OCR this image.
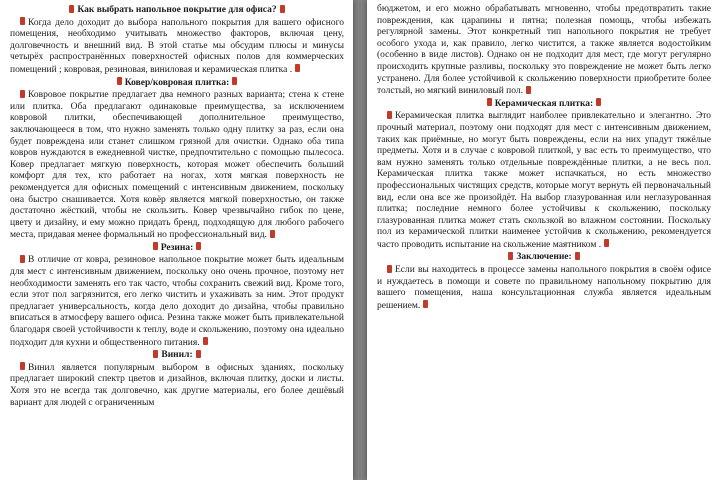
Как выбрать напольное покрытие для офиса?
Когда дело доходит до выбора напольного покрытия для вашего офисного помещения, необходимо учитывать множество факторов, включая цену, долговечность и внешний вид. В этой статье мы обсудим плюсы и минусы четырёх распространённых поверхностей офисных полов для коммерческих помещений ; ковровая, резиновая, виниловая и керамическая плитка .
Ковер/ковровая плитка:
Ковровое покрытие предлагает два немного разных варианта; стена к стене или плитка. Оба предлагают одинаковые преимущества, за исключением ковровой плитки, обеспечивающей дополнительное преимущество, заключающееся в том, что нужно заменять только одну плитку за раз, если она будет повреждена или станет слишком грязной для очистки. Однако оба типа ковров нуждаются в ежедневной чистке, предпочтительно с помощью пылесоса. Ковер предлагает мягкую поверхность, которая может обеспечить больший комфорт для тех, кто работает на ногах, хотя мягкая поверхность не рекомендуется для офисных помещений с интенсивным движением, поскольку она быстро снашивается. Хотя ковёр является мягкой поверхностью, он также достаточно жёсткий, чтобы не скользить. Ковер чрезвычайно гибок по цене, цвету и дизайну, и ему можно придать бренд, подходящую для любого рабочего места, придавая менее формальный но профессиональный вид.
Резина:
В отличие от ковра, резиновое напольное покрытие может быть идеальным для мест с интенсивным движением, поскольку оно очень прочное, поэтому нет необходимости заменять его так часто, чтобы сохранить свежий вид. Кроме того, если этот пол загрязнится, его легко чистить и ухаживать за ним. Этот продукт предлагает универсальность, когда дело доходит до дизайна, чтобы правильно вписаться в атмосферу вашего офиса. Резина также может быть привлекательной благодаря своей устойчивости к теплу, воде и скольжению, поэтому она идеально подходит для кухни и общественного питания.
Винил:
Винил является популярным выбором в офисных зданиях, поскольку предлагает широкий спектр цветов и дизайнов, включая плитку, доски и листы. Хотя это не всегда так долговечно, как другие материалы, его более дешёвый вариант для людей с ограниченным
бюджетом, и его можно обрабатывать мгновенно, чтобы предотвратить такие повреждения, как царапины и пятна; полезная помощь, чтобы избежать регулярной замены. Этот конкретный тип напольного покрытия не требует особого ухода и, как правило, легко чистится, а также является водостойким (особенно в виде листов). Однако он не подходит для мест, где могут регулярно происходить крупные разливы, поскольку это повреждение не может быть легко устранено. Для более устойчивой к скольжению поверхности приобретите более толстый, но мягкий виниловый пол.
Керамическая плитка:
Керамическая плитка выглядит наиболее привлекательно и элегантно. Это прочный материал, поэтому они подходят для мест с интенсивным движением, таких как приёмные, но могут быть повреждены, если на них упадут тяжёлые предметы. Хотя и в случае с ковровой плиткой, у вас есть то преимущество, что вам нужно заменять только отдельные повреждённые плитки, а не весь пол. Керамическая плитка также может испачкаться, но есть множество профессиональных чистящих средств, которые могут вернуть ей первоначальный вид, если она все же произойдёт. На выбор глазурованная или неглазурованная плитка; последние немного более устойчивы к скольжению, поскольку глазурованная плитка может стать скользкой во влажном состоянии. Поскольку пол из керамической плитки наименее устойчив к скольжению, рекомендуется часто проводить испытание на скольжение маятником .
Заключение:
Если вы находитесь в процессе замены напольного покрытия в своём офисе и нуждаетесь в помощи и совете по правильному напольному покрытию для вашего помещения, наша консультационная служба является идеальным решением.
